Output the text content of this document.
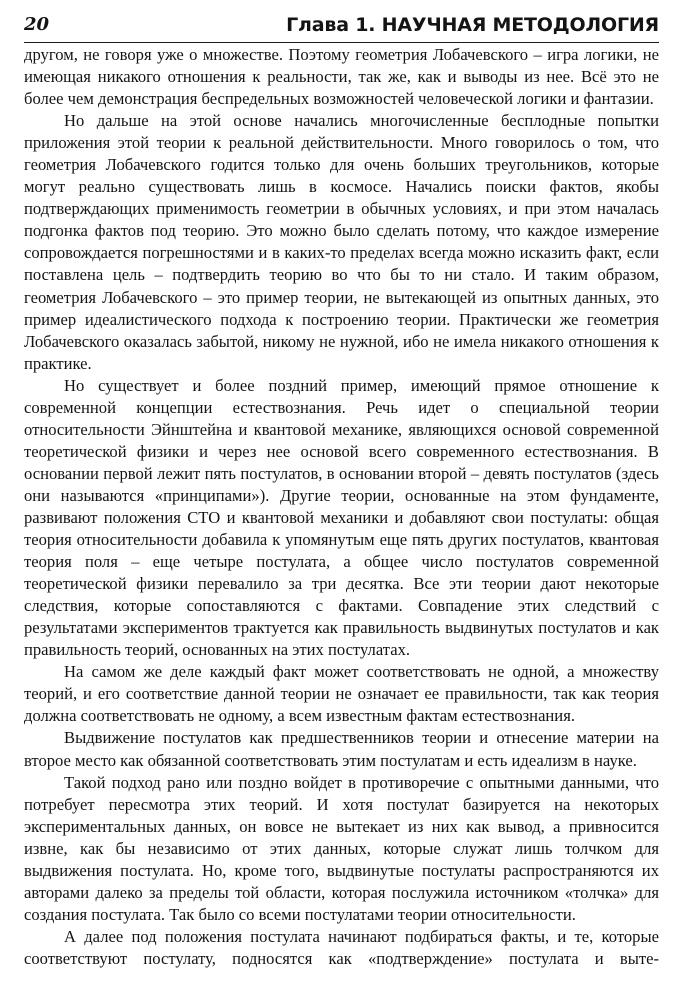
20	Глава 1. НАУЧНАЯ МЕТОДОЛОГИЯ

другом, не говоря уже о множестве. Поэтому геометрия Лобачевского – игра логики, не имеющая никакого отношения к реальности, так же, как и выводы из нее. Всё это не более чем демонстрация беспредельных возможностей человеческой логики и фантазии.

Но дальше на этой основе начались многочисленные бесплодные попытки приложения этой теории к реальной действительности. Много говорилось о том, что геометрия Лобачевского годится только для очень больших треугольников, которые могут реально существовать лишь в космосе. Начались поиски фактов, якобы подтверждающих применимость геометрии в обычных условиях, и при этом началась подгонка фактов под теорию. Это можно было сделать потому, что каждое измерение сопровождается погрешностями и в каких-то пределах всегда можно исказить факт, если поставлена цель – подтвердить теорию во что бы то ни стало. И таким образом, геометрия Лобачевского – это пример теории, не вытекающей из опытных данных, это пример идеалистического подхода к построению теории. Практически же геометрия Лобачевского оказалась забытой, никому не нужной, ибо не имела никакого отношения к практике.

Но существует и более поздний пример, имеющий прямое отношение к современной концепции естествознания. Речь идет о специальной теории относительности Эйнштейна и квантовой механике, являющихся основой современной теоретической физики и через нее основой всего современного естествознания. В основании первой лежит пять постулатов, в основании второй – девять постулатов (здесь они называются «принципами»). Другие теории, основанные на этом фундаменте, развивают положения СТО и квантовой механики и добавляют свои постулаты: общая теория относительности добавила к упомянутым еще пять других постулатов, квантовая теория поля – еще четыре постулата, а общее число постулатов современной теоретической физики перевалило за три десятка. Все эти теории дают некоторые следствия, которые сопоставляются с фактами. Совпадение этих следствий с результатами экспериментов трактуется как правильность выдвинутых постулатов и как правильность теорий, основанных на этих постулатах.

На самом же деле каждый факт может соответствовать не одной, а множеству теорий, и его соответствие данной теории не означает ее правильности, так как теория должна соответствовать не одному, а всем известным фактам естествознания.

Выдвижение постулатов как предшественников теории и отнесение материи на второе место как обязанной соответствовать этим постулатам и есть идеализм в науке.

Такой подход рано или поздно войдет в противоречие с опытными данными, что потребует пересмотра этих теорий. И хотя постулат базируется на некоторых экспериментальных данных, он вовсе не вытекает из них как вывод, а привносится извне, как бы независимо от этих данных, которые служат лишь толчком для выдвижения постулата. Но, кроме того, выдвинутые постулаты распространяются их авторами далеко за пределы той области, которая послужила источником «толчка» для создания постулата. Так было со всеми постулатами теории относительности.

А далее под положения постулата начинают подбираться факты, и те, которые соответствуют постулату, подносятся как «подтверждение» постулата и выте-
